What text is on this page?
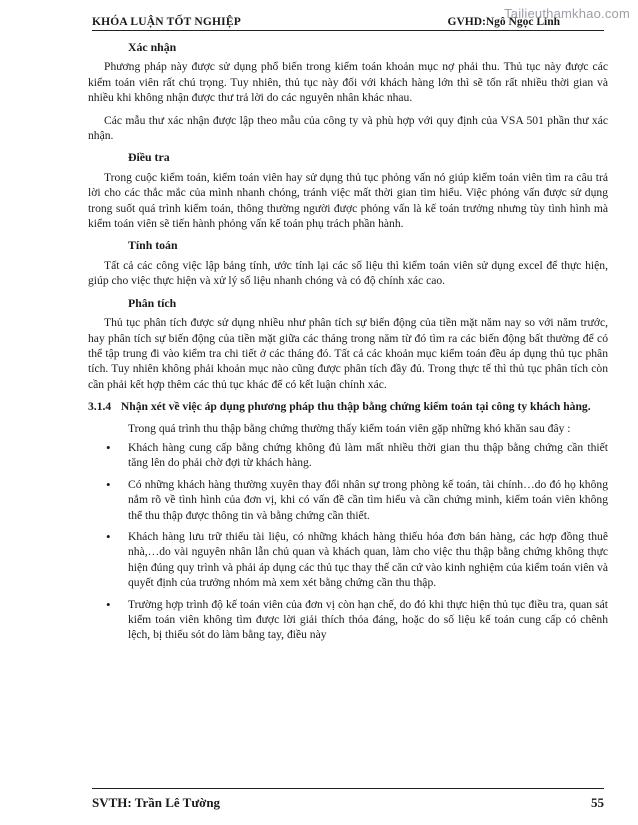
KHÓA LUẬN TỐT NGHIỆP	GVHD:Ngô Ngọc Linh
Tailieuthamkhao.com
Xác nhận

Phương pháp này được sử dụng phổ biến trong kiểm toán khoản mục nợ phải thu. Thủ tục này được các kiểm toán viên rất chú trọng. Tuy nhiên, thủ tục này đối với khách hàng lớn thì sẽ tốn rất nhiều thời gian và nhiều khi không nhận được thư trả lời do các nguyên nhân khác nhau.

Các mẫu thư xác nhận được lập theo mẫu của công ty và phù hợp với quy định của VSA 501 phần thư xác nhận.

Điều tra

Trong cuộc kiểm toán, kiểm toán viên hay sử dụng thủ tục phỏng vấn nó giúp kiểm toán viên tìm ra câu trả lời cho các thắc mắc của mình nhanh chóng, tránh việc mất thời gian tìm hiểu. Việc phỏng vấn được sử dụng trong suốt quá trình kiểm toán, thông thường người được phỏng vấn là kế toán trưởng nhưng tùy tình hình mà kiểm toán viên sẽ tiến hành phỏng vấn kế toán phụ trách phần hành.

Tính toán

Tất cả các công việc lập bảng tính, ước tính lại các số liệu thì kiểm toán viên sử dụng excel để thực hiện, giúp cho việc thực hiện và xử lý số liệu nhanh chóng và có độ chính xác cao.

Phân tích

Thủ tục phân tích được sử dụng nhiều như phân tích sự biến động của tiền mặt năm nay so với năm trước, hay phân tích sự biến động của tiền mặt giữa các tháng trong năm từ đó tìm ra các biến động bất thường để có thể tập trung đi vào kiểm tra chi tiết ở các tháng đó. Tất cả các khoản mục kiểm toán đều áp dụng thủ tục phân tích. Tuy nhiên không phải khoản mục nào cũng được phân tích đầy đủ. Trong thực tế thì thủ tục phân tích còn cần phải kết hợp thêm các thủ tục khác để có kết luận chính xác.

3.1.4 Nhận xét về việc áp dụng phương pháp thu thập bằng chứng kiểm toán tại công ty khách hàng.

Trong quá trình thu thập bằng chứng thường thấy kiểm toán viên gặp những khó khăn sau đây :

• Khách hàng cung cấp bằng chứng không đủ làm mất nhiều thời gian thu thập bằng chứng cần thiết tăng lên do phải chờ đợi từ khách hàng.
• Có những khách hàng thường xuyên thay đổi nhân sự trong phòng kế toán, tài chính…do đó họ không nắm rõ về tình hình của đơn vị, khi có vấn đề cần tìm hiểu và cần chứng minh, kiểm toán viên không thể thu thập được thông tin và bằng chứng cần thiết.
• Khách hàng lưu trữ thiếu tài liệu, có những khách hàng thiếu hóa đơn bán hàng, các hợp đồng thuê nhà,…do vài nguyên nhân lẫn chủ quan và khách quan, làm cho việc thu thập bằng chứng không thực hiện đúng quy trình và phải áp dụng các thủ tục thay thế căn cứ vào kinh nghiệm của kiểm toán viên và quyết định của trưởng nhóm mà xem xét bằng chứng cần thu thập.
• Trường hợp trình độ kế toán viên của đơn vị còn hạn chế, do đó khi thực hiện thủ tục điều tra, quan sát kiểm toán viên không tìm được lời giải thích thỏa đáng, hoặc do số liệu kế toán cung cấp có chênh lệch, bị thiếu sót do làm bằng tay, điều này
SVTH: Trần Lê Tường	55
